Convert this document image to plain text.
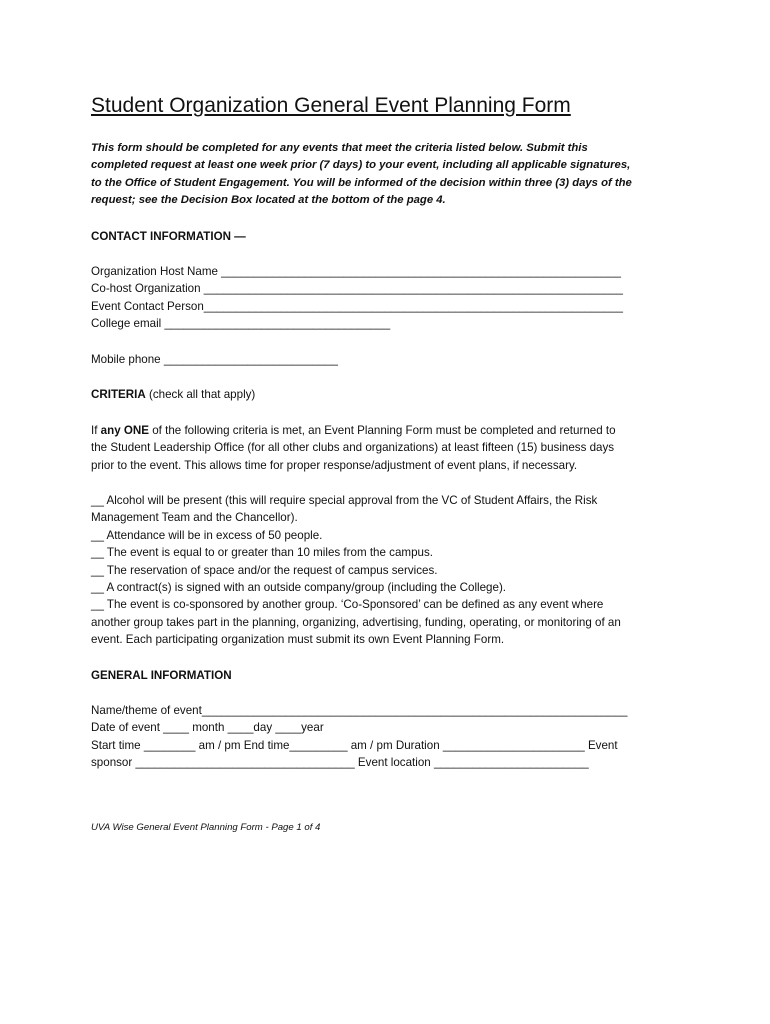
Student Organization General Event Planning Form
This form should be completed for any events that meet the criteria listed below. Submit this
completed request at least one week prior (7 days) to your event, including all applicable signatures,
to the Office of Student Engagement. You will be informed of the decision within three (3) days of the
request; see the Decision Box located at the bottom of the page 4.

CONTACT INFORMATION —

Organization Host Name ______________________________________________________________

Co-host Organization _________________________________________________________________

Event Contact Person_________________________________________________________________

College email ___________________________________

Mobile phone ___________________________

CRITERIA (check all that apply)

If any ONE of the following criteria is met, an Event Planning Form must be completed and returned to

the Student Leadership Office (for all other clubs and organizations) at least fifteen (15) business days

prior to the event. This allows time for proper response/adjustment of event plans, if necessary.

__ Alcohol will be present (this will require special approval from the VC of Student Affairs, the Risk

Management Team and the Chancellor).

__ Attendance will be in excess of 50 people.

__ The event is equal to or greater than 10 miles from the campus.

__ The reservation of space and/or the request of campus services.

__ A contract(s) is signed with an outside company/group (including the College).

__ The event is co-sponsored by another group. ‘Co-Sponsored’ can be defined as any event where

another group takes part in the planning, organizing, advertising, funding, operating, or monitoring of an

event. Each participating organization must submit its own Event Planning Form.

GENERAL INFORMATION

Name/theme of event__________________________________________________________________

Date of event ____ month ____day ____year

Start time ________ am / pm End time_________ am / pm Duration ______________________ Event

sponsor __________________________________ Event location ________________________

UVA Wise General Event Planning Form - Page 1 of 4
